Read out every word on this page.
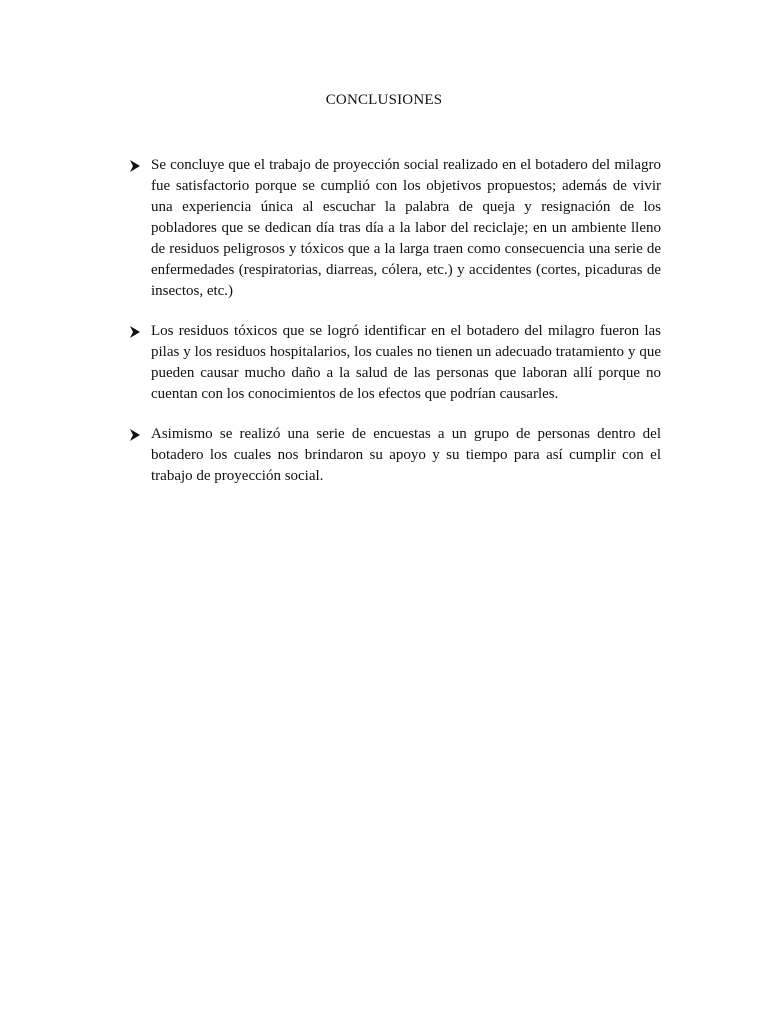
CONCLUSIONES
Se concluye que el trabajo de proyección social realizado en el botadero del milagro fue satisfactorio porque se cumplió con los objetivos propuestos; además de vivir una experiencia única al escuchar la palabra de queja y resignación de los pobladores que se dedican día tras día a la labor del reciclaje; en un ambiente lleno de residuos peligrosos y tóxicos que a la larga traen como consecuencia una serie de enfermedades (respiratorias, diarreas, cólera, etc.) y accidentes (cortes, picaduras de insectos, etc.)
Los residuos tóxicos que se logró identificar en el botadero del milagro fueron las pilas y los residuos hospitalarios, los cuales no tienen un adecuado tratamiento y que pueden causar mucho daño a la salud de las personas que laboran allí porque no cuentan con los conocimientos de los efectos que podrían causarles.
Asimismo se realizó una serie de encuestas a un grupo de personas dentro del botadero los cuales nos brindaron su apoyo y su tiempo para así cumplir con el trabajo de proyección social.
